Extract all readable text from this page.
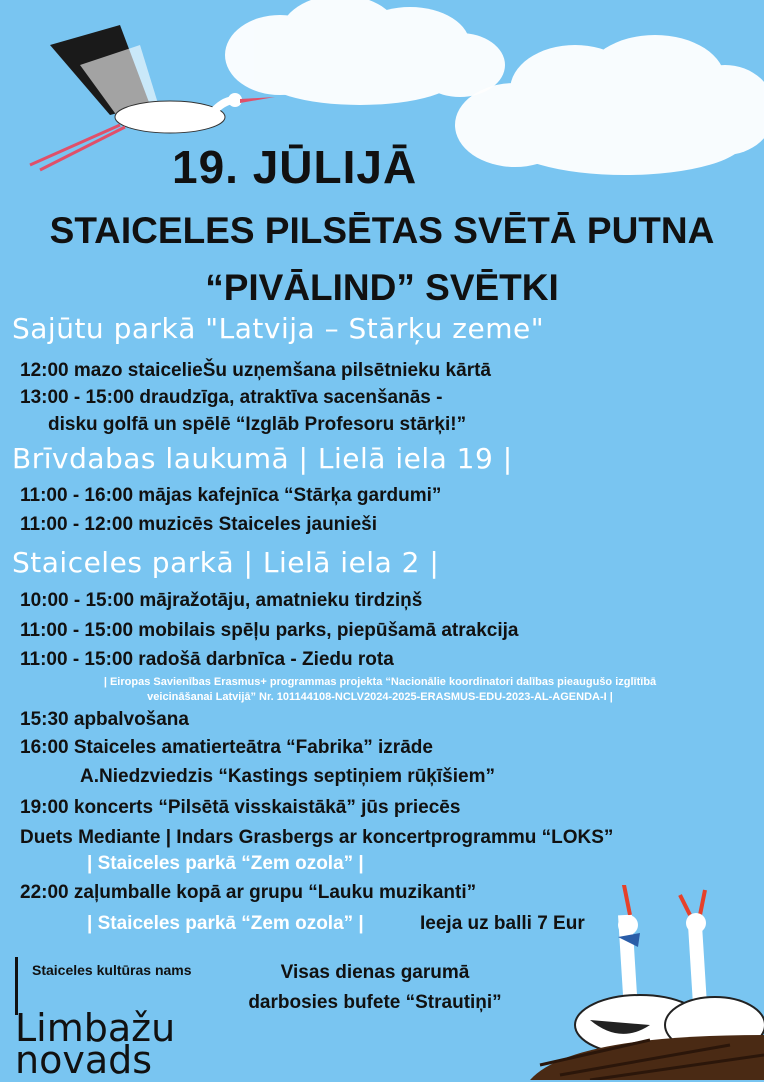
19. JŪLIJĀ
STAICELES PILSĒTAS SVĒTĀ PUTNA
“PIVĀLIND” SVĒTKI
Sajūtu parkā "Latvija – Stārķu zeme"
12:00 mazo staicelieŠu uzņemšana pilsētnieku kārtā
13:00 - 15:00 draudzīga, atraktīva sacenšanās -
disku golfā un spēlē “Izglāb Profesoru stārķi!”
Brīvdabas laukumā | Lielā iela 19 |
11:00 - 16:00 mājas kafejnīca “Stārķa gardumi”
11:00 - 12:00 muzicēs Staiceles jaunieši
Staiceles parkā | Lielā iela 2 |
10:00 - 15:00 mājražotāju, amatnieku tirdziņš
11:00 - 15:00 mobilais spēļu parks, piepūšamā atrakcija
11:00 - 15:00 radošā darbnīca - Ziedu rota
| Eiropas Savienības Erasmus+ programmas projekta “Nacionālie koordinatori dalības pieaugušo izglītībā
veicināšanai Latvijā” Nr. 101144108-NCLV2024-2025-ERASMUS-EDU-2023-AL-AGENDA-I |
15:30 apbalvošana
16:00 Staiceles amatierteātra “Fabrika” izrāde
A.Niedzviedzis “Kastings septiņiem rūķīšiem”
19:00 koncerts “Pilsētā visskaistākā” jūs priecēs
Duets Mediante | Indars Grasbergs ar koncertprogrammu “LOKS”
| Staiceles parkā “Zem ozola” |
22:00 zaļumballe kopā ar grupu “Lauku muzikanti”
| Staiceles parkā “Zem ozola” |	Ieeja uz balli 7 Eur
Staiceles kultūras nams
Limbažu
novads
Visas dienas garumā
darbosies bufete “Strautiņi”
